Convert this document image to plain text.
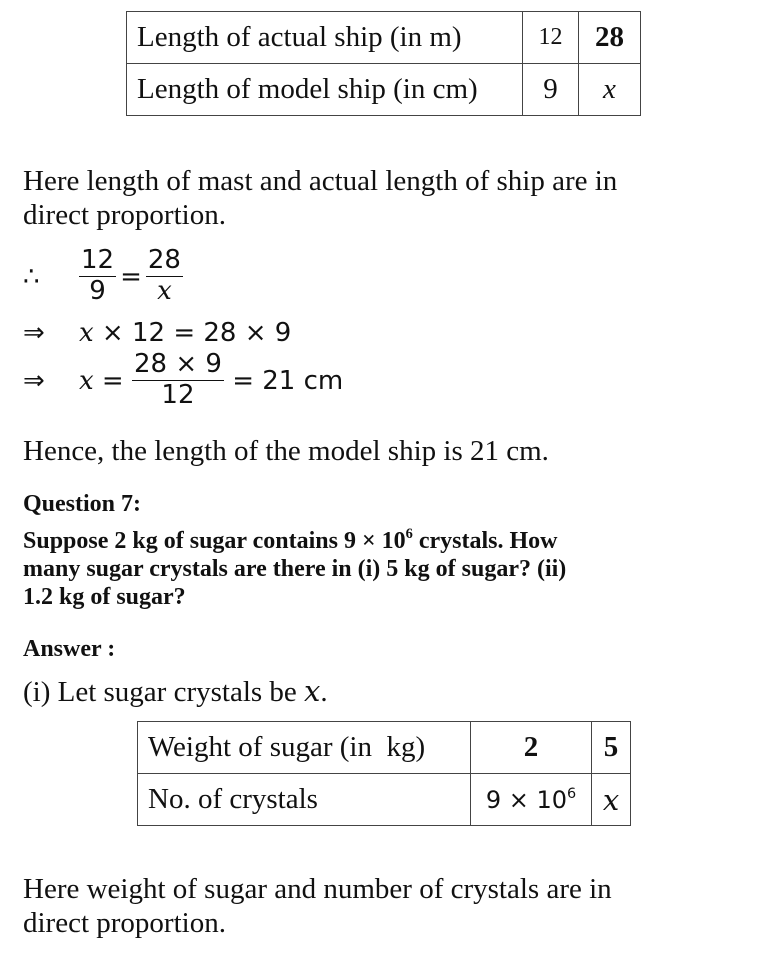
Length of actual ship (in m)	12	28
Length of model ship (in cm)	9	x
Here length of mast and actual length of ship are in
direct proportion.
∴	$\frac{12}{9} = \frac{28}{x}$
⇒	x × 12 = 28 × 9
⇒	$x = \frac{28 \times 9}{12} = 21$ cm
Hence, the length of the model ship is 21 cm.
Question 7:
Suppose 2 kg of sugar contains $9 \times 10^6$ crystals. How
many sugar crystals are there in (i) 5 kg of sugar? (ii)
1.2 kg of sugar?
Answer :
(i) Let sugar crystals be x.
Weight of sugar (in  kg)	2	5
No. of crystals	$9 \times 10^6$	x
Here weight of sugar and number of crystals are in
direct proportion.
